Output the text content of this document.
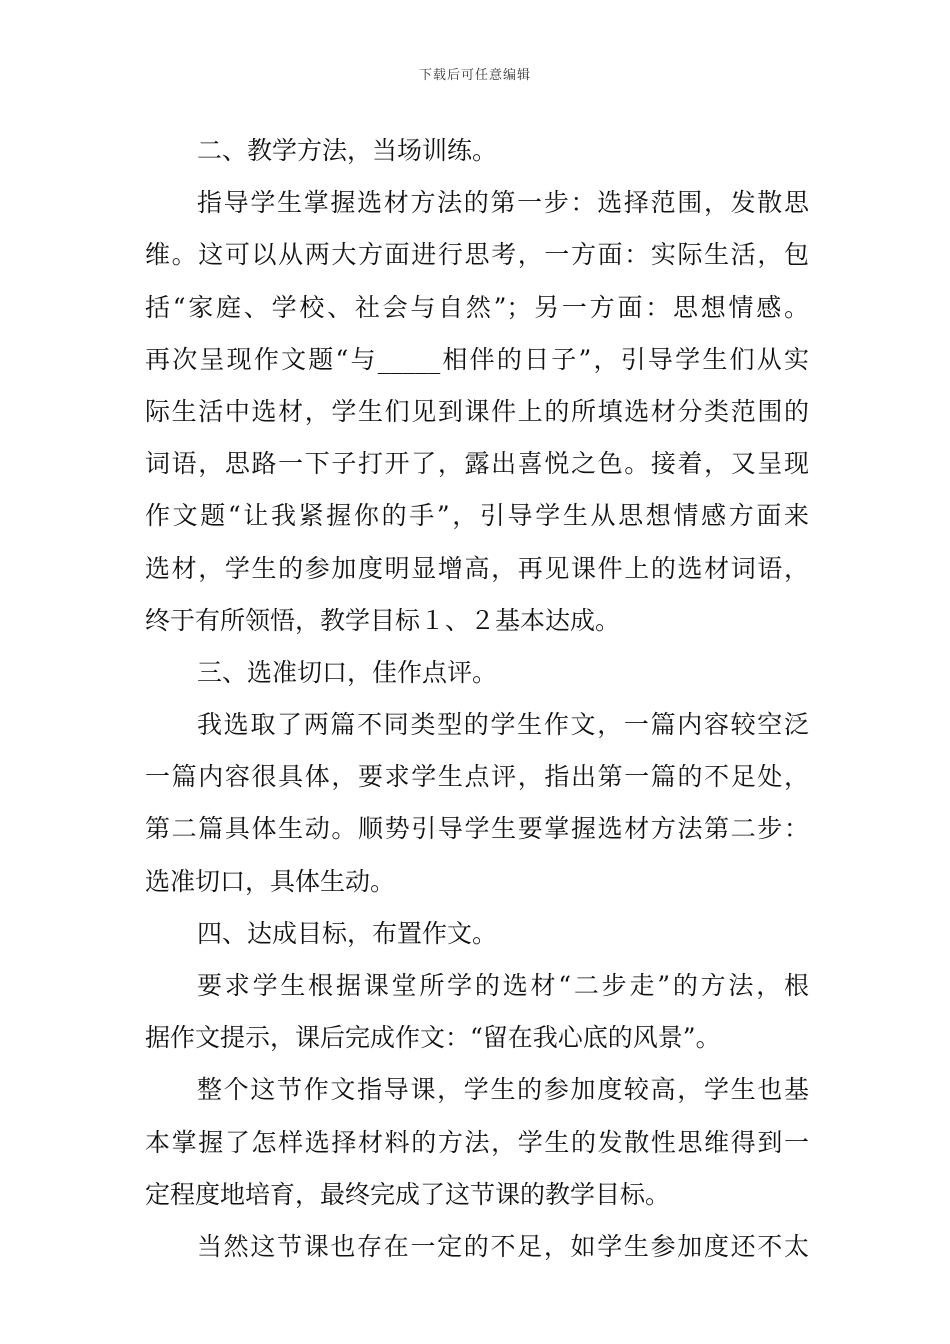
下载后可任意编辑
二、教学方法，当场训练。
指导学生掌握选材方法的第一步：选择范围，发散思
维。这可以从两大方面进行思考，一方面：实际生活，包
括“家庭、学校、社会与自然”；另一方面：思想情感。
再次呈现作文题“与_____相伴的日子”，引导学生们从实
际生活中选材，学生们见到课件上的所填选材分类范围的
词语，思路一下子打开了，露出喜悦之色。接着，又呈现
作文题“让我紧握你的手”，引导学生从思想情感方面来
选材，学生的参加度明显增高，再见课件上的选材词语，
终于有所领悟，教学目标１、２基本达成。
三、选准切口，佳作点评。
我选取了两篇不同类型的学生作文，一篇内容较空泛
一篇内容很具体，要求学生点评，指出第一篇的不足处，
第二篇具体生动。顺势引导学生要掌握选材方法第二步：
选准切口，具体生动。
四、达成目标，布置作文。
要求学生根据课堂所学的选材“二步走”的方法，根
据作文提示，课后完成作文：“留在我心底的风景”。
整个这节作文指导课，学生的参加度较高，学生也基
本掌握了怎样选择材料的方法，学生的发散性思维得到一
定程度地培育，最终完成了这节课的教学目标。
当然这节课也存在一定的不足，如学生参加度还不太
